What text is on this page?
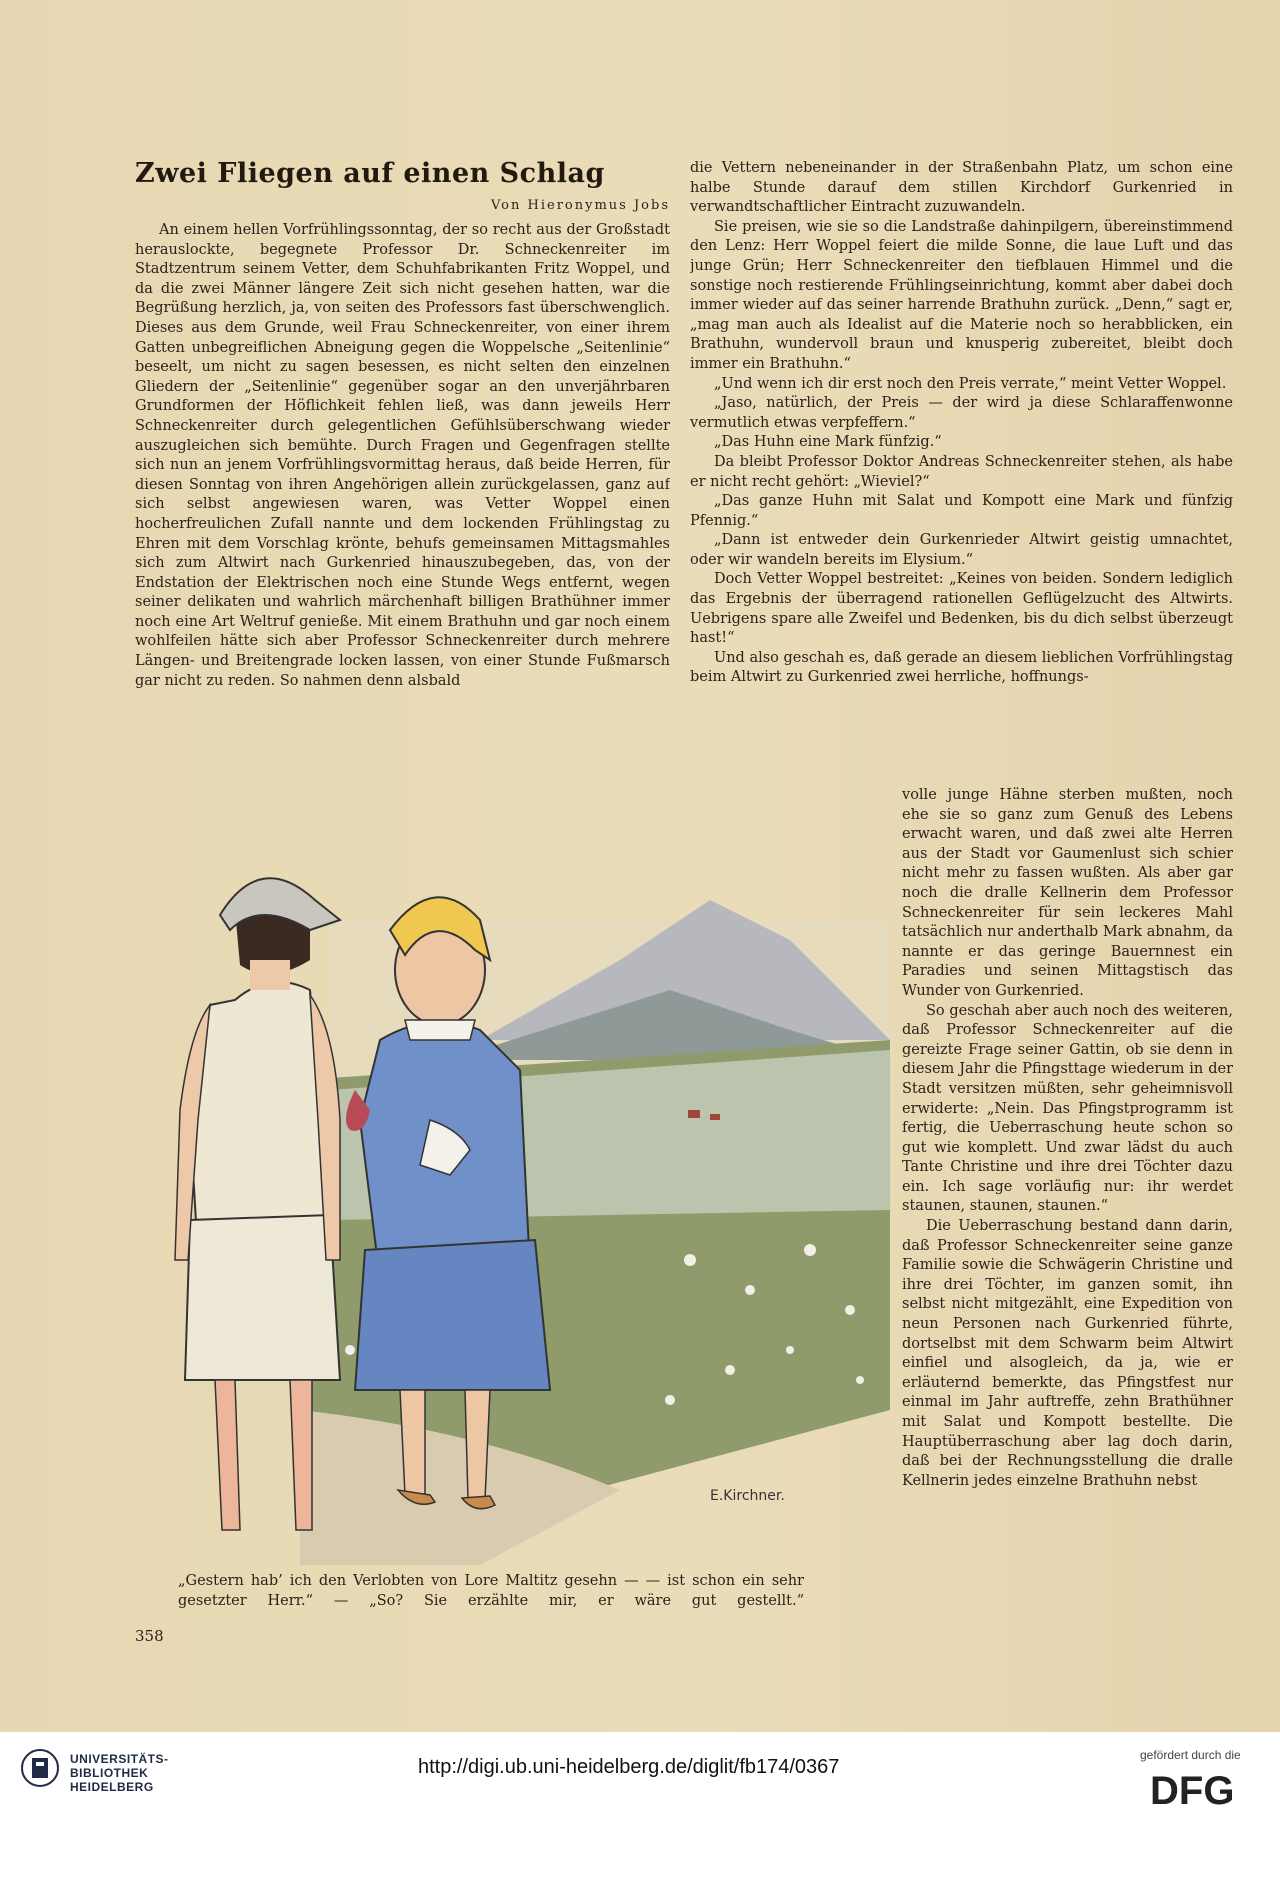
Zwei Fliegen auf einen Schlag

Von Hieronymus Jobs

An einem hellen Vorfrühlingssonntag, der so recht aus der Großstadt herauslockte, begegnete Professor Dr. Schneckenreiter im Stadtzentrum seinem Vetter, dem Schuhfabrikanten Fritz Woppel, und da die zwei Männer längere Zeit sich nicht gesehen hatten, war die Begrüßung herzlich, ja, von seiten des Professors fast überschwenglich. Dieses aus dem Grunde, weil Frau Schneckenreiter, von einer ihrem Gatten unbegreiflichen Abneigung gegen die Woppelsche „Seitenlinie“ beseelt, um nicht zu sagen besessen, es nicht selten den einzelnen Gliedern der „Seitenlinie“ gegenüber sogar an den unverjährbaren Grundformen der Höflichkeit fehlen ließ, was dann jeweils Herr Schneckenreiter durch gelegentlichen Gefühlsüberschwang wieder auszugleichen sich bemühte. Durch Fragen und Gegenfragen stellte sich nun an jenem Vorfrühlingsvormittag heraus, daß beide Herren, für diesen Sonntag von ihren Angehörigen allein zurückgelassen, ganz auf sich selbst angewiesen waren, was Vetter Woppel einen hocherfreulichen Zufall nannte und dem lockenden Frühlingstag zu Ehren mit dem Vorschlag krönte, behufs gemeinsamen Mittagsmahles sich zum Altwirt nach Gurkenried hinauszubegeben, das, von der Endstation der Elektrischen noch eine Stunde Wegs entfernt, wegen seiner delikaten und wahrlich märchenhaft billigen Brathühner immer noch eine Art Weltruf genieße. Mit einem Brathuhn und gar noch einem wohlfeilen hätte sich aber Professor Schneckenreiter durch mehrere Längen- und Breitengrade locken lassen, von einer Stunde Fußmarsch gar nicht zu reden. So nahmen denn alsbald

die Vettern nebeneinander in der Straßenbahn Platz, um schon eine halbe Stunde darauf dem stillen Kirchdorf Gurkenried in verwandtschaftlicher Eintracht zuzuwandeln.

Sie preisen, wie sie so die Landstraße dahinpilgern, übereinstimmend den Lenz: Herr Woppel feiert die milde Sonne, die laue Luft und das junge Grün; Herr Schneckenreiter den tiefblauen Himmel und die sonstige noch restierende Frühlingseinrichtung, kommt aber dabei doch immer wieder auf das seiner harrende Brathuhn zurück. „Denn,“ sagt er, „mag man auch als Idealist auf die Materie noch so herabblicken, ein Brathuhn, wundervoll braun und knusperig zubereitet, bleibt doch immer ein Brathuhn.“

„Und wenn ich dir erst noch den Preis verrate,“ meint Vetter Woppel.

„Jaso, natürlich, der Preis — der wird ja diese Schlaraffenwonne vermutlich etwas verpfeffern.“

„Das Huhn eine Mark fünfzig.“

Da bleibt Professor Doktor Andreas Schneckenreiter stehen, als habe er nicht recht gehört: „Wieviel?“

„Das ganze Huhn mit Salat und Kompott eine Mark und fünfzig Pfennig.“

„Dann ist entweder dein Gurkenrieder Altwirt geistig umnachtet, oder wir wandeln bereits im Elysium.“

Doch Vetter Woppel bestreitet: „Keines von beiden. Sondern lediglich das Ergebnis der überragend rationellen Geflügelzucht des Altwirts. Uebrigens spare alle Zweifel und Bedenken, bis du dich selbst überzeugt hast!“

Und also geschah es, daß gerade an diesem lieblichen Vorfrühlingstag beim Altwirt zu Gurkenried zwei herrliche, hoffnungs-

volle junge Hähne sterben mußten, noch ehe sie so ganz zum Genuß des Lebens erwacht waren, und daß zwei alte Herren aus der Stadt vor Gaumenlust sich schier nicht mehr zu fassen wußten. Als aber gar noch die dralle Kellnerin dem Professor Schneckenreiter für sein leckeres Mahl tatsächlich nur anderthalb Mark abnahm, da nannte er das geringe Bauernnest ein Paradies und seinen Mittagstisch das Wunder von Gurkenried.

So geschah aber auch noch des weiteren, daß Professor Schneckenreiter auf die gereizte Frage seiner Gattin, ob sie denn in diesem Jahr die Pfingsttage wiederum in der Stadt versitzen müßten, sehr geheimnisvoll erwiderte: „Nein. Das Pfingstprogramm ist fertig, die Ueberraschung heute schon so gut wie komplett. Und zwar lädst du auch Tante Christine und ihre drei Töchter dazu ein. Ich sage vorläufig nur: ihr werdet staunen, staunen, staunen.“

Die Ueberraschung bestand dann darin, daß Professor Schneckenreiter seine ganze Familie sowie die Schwägerin Christine und ihre drei Töchter, im ganzen somit, ihn selbst nicht mitgezählt, eine Expedition von neun Personen nach Gurkenried führte, dortselbst mit dem Schwarm beim Altwirt einfiel und alsogleich, da ja, wie er erläuternd bemerkte, das Pfingstfest nur einmal im Jahr auftreffe, zehn Brathühner mit Salat und Kompott bestellte. Die Hauptüberraschung aber lag doch darin, daß bei der Rechnungsstellung die dralle Kellnerin jedes einzelne Brathuhn nebst

E.Kirchner.

„Gestern hab’ ich den Verlobten von Lore Maltitz gesehn — — ist schon ein sehr gesetzter Herr.“ — „So? Sie erzählte mir, er wäre gut gestellt.“

358

UNIVERSITÄTS-
BIBLIOTHEK
HEIDELBERG
http://digi.ub.uni-heidelberg.de/diglit/fb174/0367
gefördert durch die
DFG
